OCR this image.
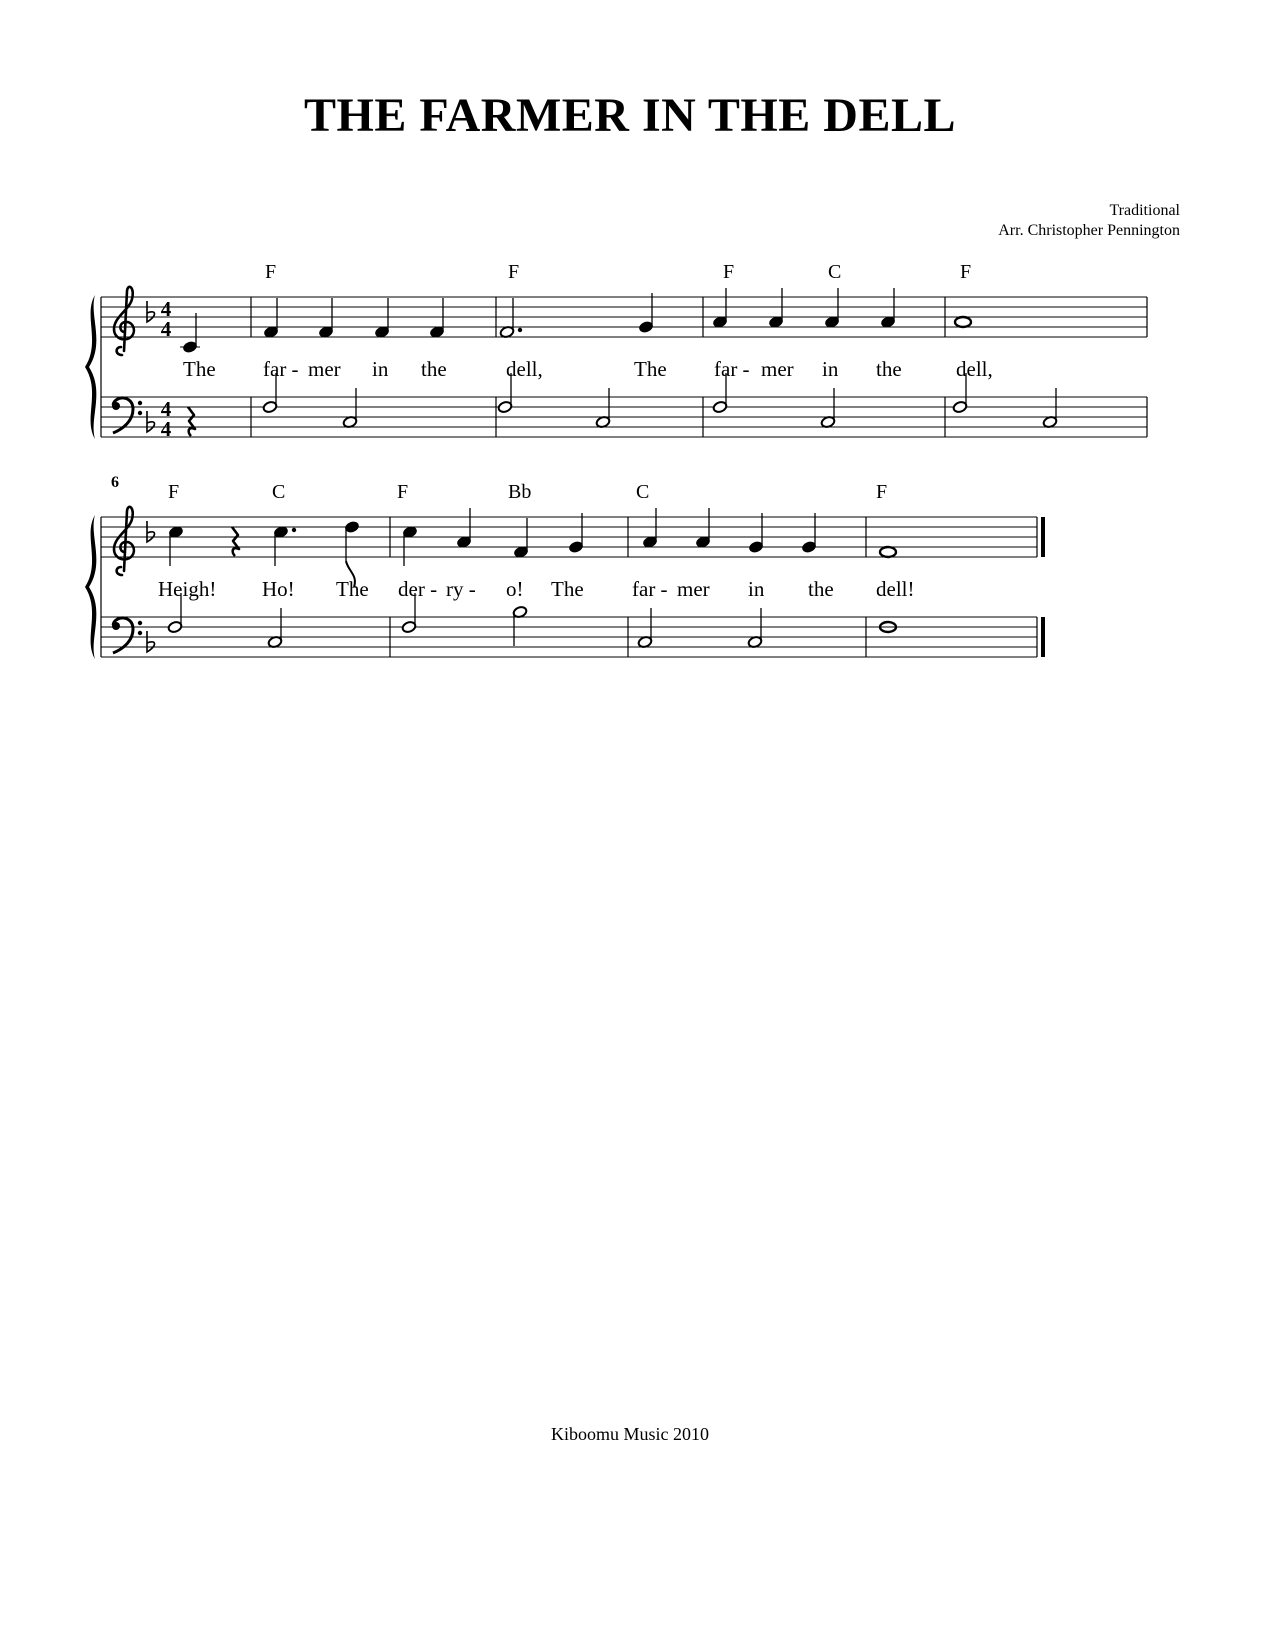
THE FARMER IN THE DELL
Traditional
Arr. Christopher Pennington
4
4
4
4
F	F	F	C	F
The far - mer in the	dell,	The far - mer in the	dell,
6 F	C	F	Bb	C	F
Heigh! Ho! The der - ry - o! The far - mer in the dell!
Kiboomu Music 2010
